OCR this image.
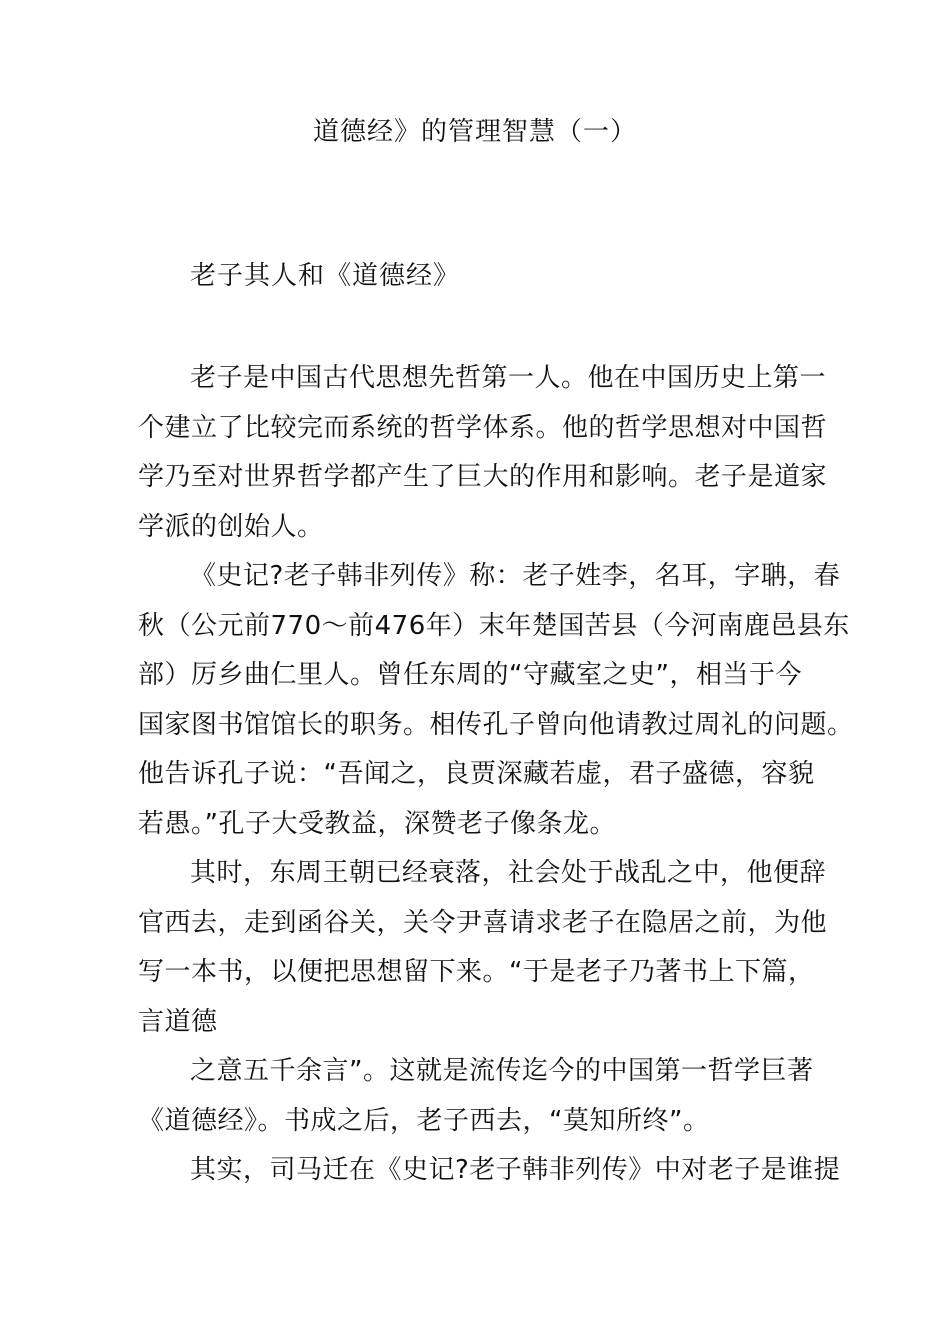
道德经》的管理智慧（一）
老子其人和《道德经》
老子是中国古代思想先哲第一人。他在中国历史上第一
个建立了比较完而系统的哲学体系。他的哲学思想对中国哲
学乃至对世界哲学都产生了巨大的作用和影响。老子是道家
学派的创始人。
《史记?老子韩非列传》称：老子姓李，名耳，字聃，春
秋（公元前770〜前476年）末年楚国苦县（今河南鹿邑县东
部）厉乡曲仁里人。曾任东周的“守藏室之史”，相当于今
国家图书馆馆长的职务。相传孔子曾向他请教过周礼的问题。
他告诉孔子说：“吾闻之，良贾深藏若虚，君子盛德，容貌
若愚。”孔子大受教益，深赞老子像条龙。
其时，东周王朝已经衰落，社会处于战乱之中，他便辞
官西去，走到函谷关，关令尹喜请求老子在隐居之前，为他
写一本书，以便把思想留下来。“于是老子乃著书上下篇，
言道德
之意五千余言”。这就是流传迄今的中国第一哲学巨著
《道德经》。书成之后，老子西去，“莫知所终”。
其实，司马迁在《史记?老子韩非列传》中对老子是谁提
